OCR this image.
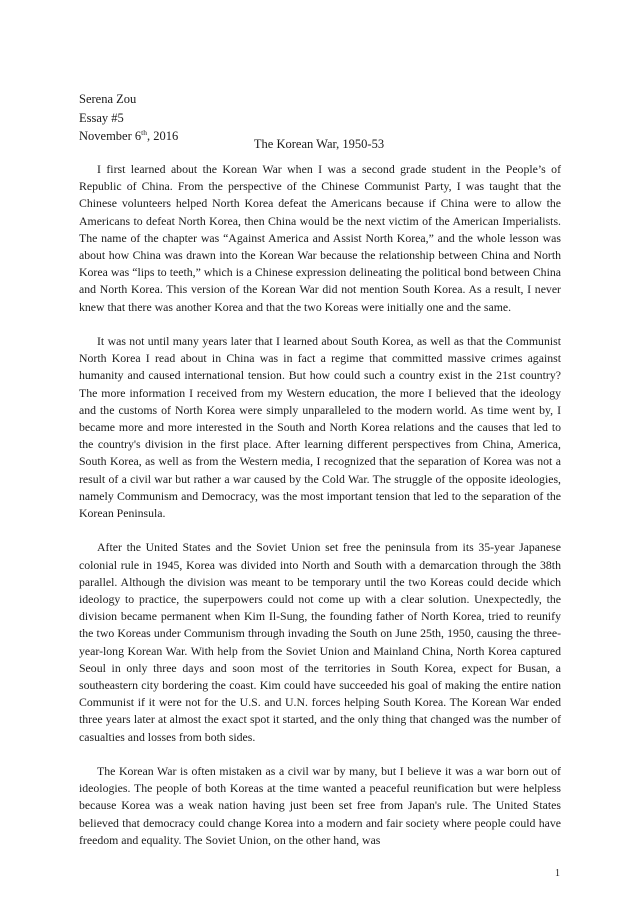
Serena Zou
Essay #5
November 6th, 2016
The Korean War, 1950-53

I first learned about the Korean War when I was a second grade student in the People’s of Republic of China. From the perspective of the Chinese Communist Party, I was taught that the Chinese volunteers helped North Korea defeat the Americans because if China were to allow the Americans to defeat North Korea, then China would be the next victim of the American Imperialists. The name of the chapter was “Against America and Assist North Korea,” and the whole lesson was about how China was drawn into the Korean War because the relationship between China and North Korea was “lips to teeth,” which is a Chinese expression delineating the political bond between China and North Korea. This version of the Korean War did not mention South Korea. As a result, I never knew that there was another Korea and that the two Koreas were initially one and the same.

It was not until many years later that I learned about South Korea, as well as that the Communist North Korea I read about in China was in fact a regime that committed massive crimes against humanity and caused international tension. But how could such a country exist in the 21st country? The more information I received from my Western education, the more I believed that the ideology and the customs of North Korea were simply unparalleled to the modern world. As time went by, I became more and more interested in the South and North Korea relations and the causes that led to the country's division in the first place. After learning different perspectives from China, America, South Korea, as well as from the Western media, I recognized that the separation of Korea was not a result of a civil war but rather a war caused by the Cold War. The struggle of the opposite ideologies, namely Communism and Democracy, was the most important tension that led to the separation of the Korean Peninsula.

After the United States and the Soviet Union set free the peninsula from its 35-year Japanese colonial rule in 1945, Korea was divided into North and South with a demarcation through the 38th parallel. Although the division was meant to be temporary until the two Koreas could decide which ideology to practice, the superpowers could not come up with a clear solution. Unexpectedly, the division became permanent when Kim Il-Sung, the founding father of North Korea, tried to reunify the two Koreas under Communism through invading the South on June 25th, 1950, causing the three-year-long Korean War. With help from the Soviet Union and Mainland China, North Korea captured Seoul in only three days and soon most of the territories in South Korea, expect for Busan, a southeastern city bordering the coast. Kim could have succeeded his goal of making the entire nation Communist if it were not for the U.S. and U.N. forces helping South Korea. The Korean War ended three years later at almost the exact spot it started, and the only thing that changed was the number of casualties and losses from both sides.

The Korean War is often mistaken as a civil war by many, but I believe it was a war born out of ideologies. The people of both Koreas at the time wanted a peaceful reunification but were helpless because Korea was a weak nation having just been set free from Japan's rule. The United States believed that democracy could change Korea into a modern and fair society where people could have freedom and equality. The Soviet Union, on the other hand, was

1
